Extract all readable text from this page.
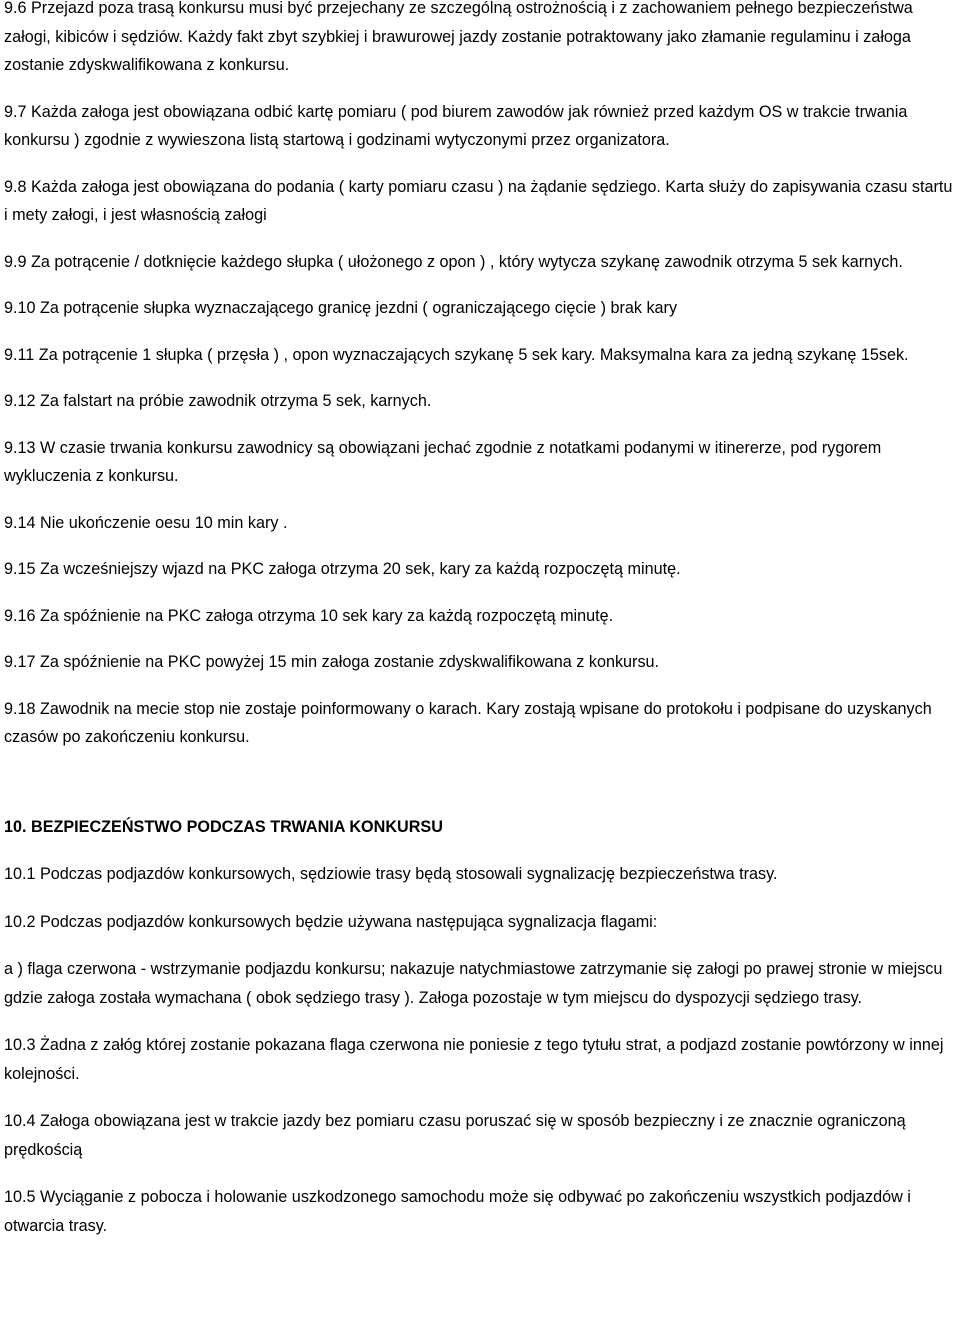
9.6 Przejazd poza trasą konkursu musi być przejechany ze szczególną ostrożnością i z zachowaniem pełnego bezpieczeństwa załogi, kibiców i sędziów. Każdy fakt zbyt szybkiej i brawurowej jazdy zostanie potraktowany jako złamanie regulaminu i załoga zostanie zdyskwalifikowana z konkursu.

9.7 Każda załoga jest obowiązana odbić kartę pomiaru ( pod biurem zawodów jak również przed każdym OS w trakcie trwania konkursu ) zgodnie z wywieszona listą startową i godzinami wytyczonymi przez organizatora.

9.8 Każda załoga jest obowiązana do podania ( karty pomiaru czasu ) na żądanie sędziego. Karta służy do zapisywania czasu startu i mety załogi, i jest własnością załogi

9.9 Za potrącenie / dotknięcie każdego słupka ( ułożonego z opon ) , który wytycza szykanę zawodnik otrzyma 5 sek karnych.

9.10 Za potrącenie słupka wyznaczającego granicę jezdni ( ograniczającego cięcie ) brak kary

9.11 Za potrącenie 1 słupka ( przęsła ) , opon wyznaczających szykanę 5 sek kary. Maksymalna kara za jedną szykanę 15sek.

9.12 Za falstart na próbie zawodnik otrzyma 5 sek, karnych.

9.13 W czasie trwania konkursu zawodnicy są obowiązani jechać zgodnie z notatkami podanymi w itinererze, pod rygorem wykluczenia z konkursu.

9.14 Nie ukończenie oesu 10 min kary .

9.15 Za wcześniejszy wjazd na PKC załoga otrzyma 20 sek, kary za każdą rozpoczętą minutę.

9.16 Za spóźnienie na PKC załoga otrzyma 10 sek kary za każdą rozpoczętą minutę.

9.17 Za spóźnienie na PKC powyżej 15 min załoga zostanie zdyskwalifikowana z konkursu.

9.18 Zawodnik na mecie stop nie zostaje poinformowany o karach. Kary zostają wpisane do protokołu i podpisane do uzyskanych czasów po zakończeniu konkursu.

10. BEZPIECZEŃSTWO PODCZAS TRWANIA KONKURSU

10.1 Podczas podjazdów konkursowych, sędziowie trasy będą stosowali sygnalizację bezpieczeństwa trasy.

10.2 Podczas podjazdów konkursowych będzie używana następująca sygnalizacja flagami:

a ) flaga czerwona - wstrzymanie podjazdu konkursu; nakazuje natychmiastowe zatrzymanie się załogi po prawej stronie w miejscu gdzie załoga została wymachana ( obok sędziego trasy ). Załoga pozostaje w tym miejscu do dyspozycji sędziego trasy.

10.3 Żadna z załóg której zostanie pokazana flaga czerwona nie poniesie z tego tytułu strat, a podjazd zostanie powtórzony w innej kolejności.

10.4 Załoga obowiązana jest w trakcie jazdy bez pomiaru czasu poruszać się w sposób bezpieczny i ze znacznie ograniczoną prędkością

10.5 Wyciąganie z pobocza i holowanie uszkodzonego samochodu może się odbywać po zakończeniu wszystkich podjazdów i otwarcia trasy.
